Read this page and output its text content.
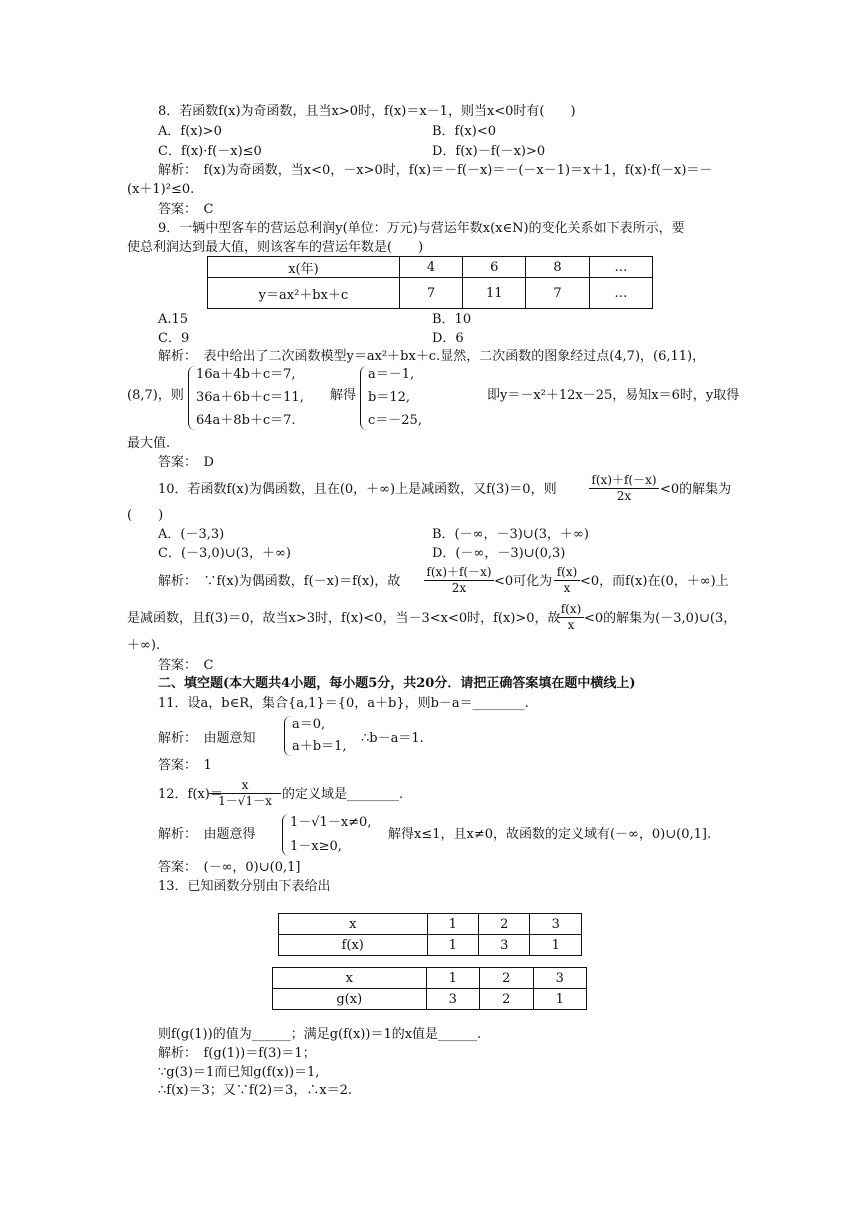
8．若函数f(x)为奇函数，且当x>0时，f(x)＝x－1，则当x<0时有(　　)
A．f(x)>0	B．f(x)<0
C．f(x)·f(－x)≤0	D．f(x)－f(－x)>0
解析：　f(x)为奇函数，当x<0，－x>0时，f(x)＝－f(－x)＝－(－x－1)＝x＋1，f(x)·f(－x)＝－
(x＋1)²≤0.
答案：　C
9．一辆中型客车的营运总利润y(单位：万元)与营运年数x(x∈N)的变化关系如下表所示，要
使总利润达到最大值，则该客车的营运年数是(　　)
x(年)	4	6	8	…
y＝ax²＋bx＋c	7	11	7	…
A.15	B．10
C．9	D．6
解析：　表中给出了二次函数模型y＝ax²＋bx＋c.显然，二次函数的图象经过点(4,7)，(6,11)，
(8,7)，则
16a＋4b＋c＝7,
36a＋6b＋c＝11,
64a＋8b＋c＝7.
解得
a＝－1,
b＝12,
c＝－25,
即y＝－x²＋12x－25，易知x＝6时，y取得
最大值.
答案：　D
10．若函数f(x)为偶函数，且在(0，＋∞)上是减函数，又f(3)＝0，则	$\frac{f(x)+f(-x)}{2x} <0$的解集为
(　　)
A．(－3,3)	B．(－∞，－3)∪(3，＋∞)
C．(－3,0)∪(3，＋∞)	D．(－∞，－3)∪(0,3)
解析：　∵f(x)为偶函数，f(－x)＝f(x)，故 $\frac{f(x)+f(-x)}{2x} <0$可化为 $\frac{f(x)}{x} <0$，而f(x)在(0，＋∞)上
是减函数，且f(3)＝0，故当x>3时，f(x)<0，当－3<x<0时，f(x)>0，故
$\frac{f(x)}{x} <0$的解集为(－3,0)∪(3，
＋∞).
答案：　C
二、填空题(本大题共4小题，每小题5分，共20分．请把正确答案填在题中横线上)
11．设a，b∈R，集合{a,1}＝{0，a＋b}，则b－a＝________.
解析：　由题意知
a＝0,
a＋b＝1,
∴b－a＝1.
答案：　1
12．f(x)＝
$\frac{x}{1-√1-x}$ 的定义域是________.
解析：　由题意得
1－√1－x≠0,
1－x≥0,
解得x≤1，且x≠0，故函数的定义域有(－∞，0)∪(0,1].
答案：　(－∞，0)∪(0,1]
13．已知函数分别由下表给出
x	1	2	3
f(x)	1	3	1
x	1	2	3
g(x)	3	2	1
则f(g(1))的值为______；满足g(f(x))＝1的x值是______.
解析：　f(g(1))＝f(3)＝1；
∵g(3)＝1而已知g(f(x))＝1,
∴f(x)＝3；又∵f(2)＝3，∴x＝2.
